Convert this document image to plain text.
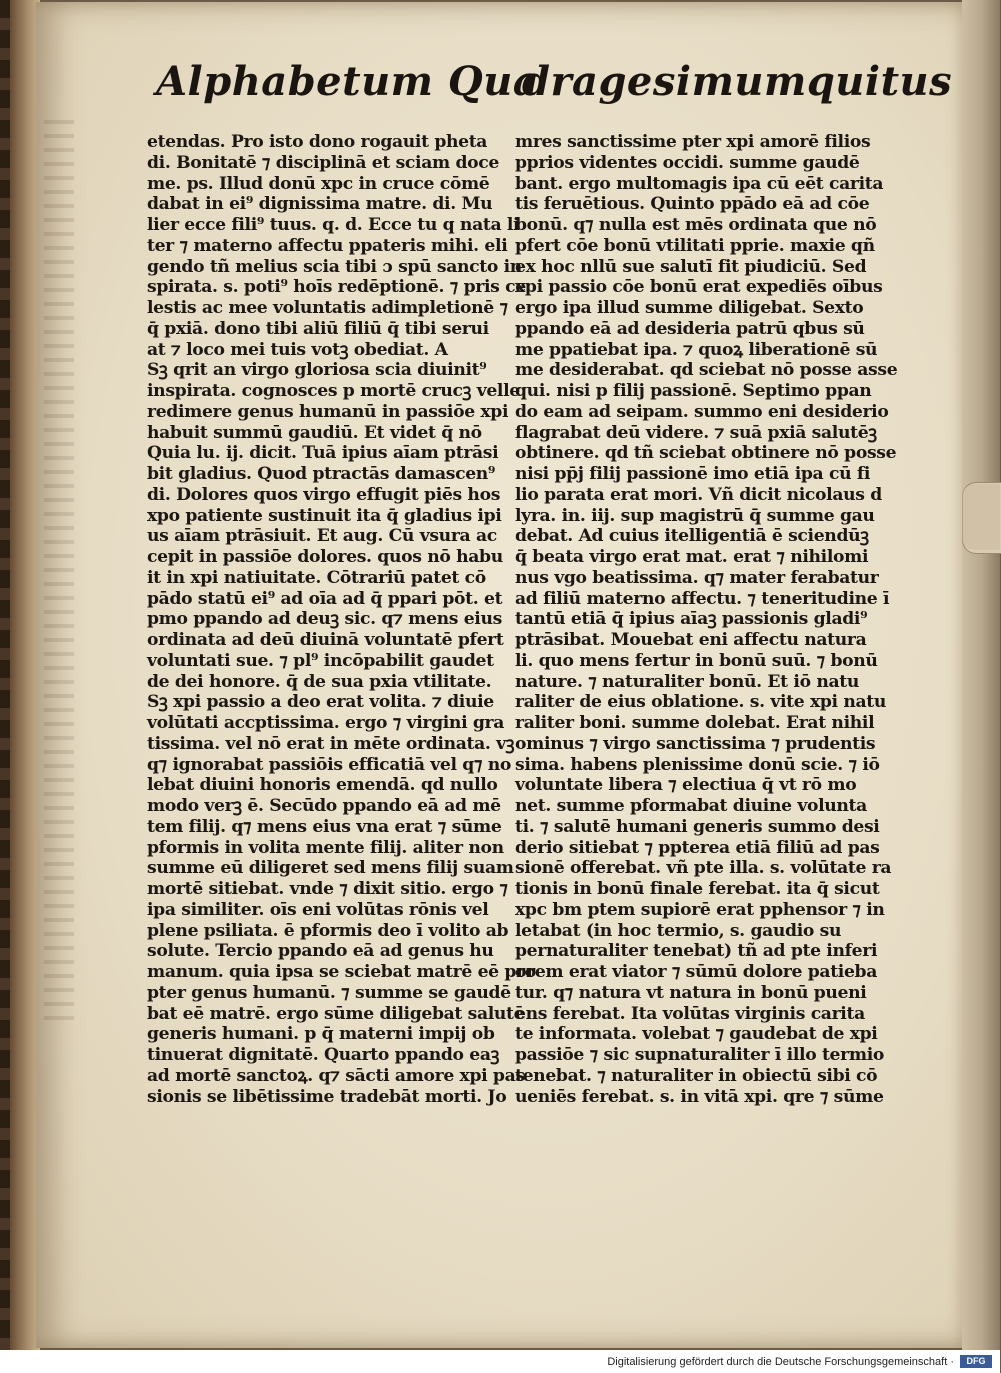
Alphabetum Qua
dragesimumquitus
etendas. Pro isto dono rogauit pheta
di. Bonitatē ⁊ disciplinā et sciam doce
me. ps. Illud donū xpc in cruce cōmē
dabat in ei⁹ dignissima matre. di. Mu
lier ecce fili⁹ tuus. q. d. Ecce tu q nata li
ter ⁊ materno affectu ppateris mihi. eli
gendo tñ melius scia tibi ɔ spū sancto in
spirata. s. poti⁹ hoīs redēptionē. ⁊ pris ce
lestis ac mee voluntatis adimpletionē ⁊
q̄ pxiā. dono tibi aliū filiū q̄ tibi serui
at ⁊ loco mei tuis votꝫ obediat. A
Sꝫ qrit an virgo gloriosa scia diuinit⁹
inspirata. cognosces p mortē crucꝫ velle
redimere genus humanū in passiōe xpi
habuit summū gaudiū. Et videt q̄ nō
Quia lu. ij. dicit. Tuā ipius aīam ptrāsi
bit gladius. Quod ptractās damascen⁹
di. Dolores quos virgo effugit piēs hos
xpo patiente sustinuit ita q̄ gladius ipi
us aīam ptrāsiuit. Et aug. Cū vsura ac
cepit in passiōe dolores. quos nō habu
it in xpi natiuitate. Cōtrariū patet cō
pādo statū ei⁹ ad oīa ad q̄ ppari pōt. et
pmo ppando ad deuꝫ sic. q⁊ mens eius
ordinata ad deū diuinā voluntatē pfert
voluntati sue. ⁊ pl⁹ incōpabilit gaudet
de dei honore. q̄ de sua pxia vtilitate.
Sꝫ xpi passio a deo erat volita. ⁊ diuie
volūtati accptissima. ergo ⁊ virgini gra
tissima. vel nō erat in mēte ordinata. vꝫ
q⁊ ignorabat passiōis efficatiā vel q⁊ no
lebat diuini honoris emendā. qd nullo
modo verꝫ ē. Secūdo ppando eā ad mē
tem filij. q⁊ mens eius vna erat ⁊ sūme
pformis in volita mente filij. aliter non
summe eū diligeret sed mens filij suam
mortē sitiebat. vnde ⁊ dixit sitio. ergo ⁊
ipa similiter. oīs eni volūtas rōnis vel
plene psiliata. ē pformis deo ī volito ab
solute. Tercio ppando eā ad genus hu
manum. quia ipsa se sciebat matrē eē pro
pter genus humanū. ⁊ summe se gaudē
bat eē matrē. ergo sūme diligebat salutē
generis humani. p q̄ materni impij ob
tinuerat dignitatē. Quarto ppando eaꝫ
ad mortē sanctoꝝ. q⁊ sācti amore xpi pas
sionis se libētissime tradebāt morti. Jo
mres sanctissime pter xpi amorē filios
pprios videntes occidi. summe gaudē
bant. ergo multomagis ipa cū eēt carita
tis feruētious. Quinto ppādo eā ad cōe
bonū. q⁊ nulla est mēs ordinata que nō
pfert cōe bonū vtilitati pprie. maxie qñ
ex hoc nllū sue salutī fit piudiciū. Sed
xpi passio cōe bonū erat expediēs oībus
ergo ipa illud summe diligebat. Sexto
ppando eā ad desideria patrū qbus sū
me ppatiebat ipa. ⁊ quoꝝ liberationē sū
me desiderabat. qd sciebat nō posse asse
qui. nisi p filij passionē. Septimo ppan
do eam ad seipam. summo eni desiderio
flagrabat deū videre. ⁊ suā pxiā salutēꝫ
obtinere. qd tñ sciebat obtinere nō posse
nisi pp̄j filij passionē imo etiā ipa cū fi
lio parata erat mori. Vñ dicit nicolaus d
lyra. in. iij. sup magistrū q̄ summe gau
debat. Ad cuius itelligentiā ē sciendūꝫ
q̄ beata virgo erat mat. erat ⁊ nihilomi
nus vgo beatissima. q⁊ mater ferabatur
ad filiū materno affectu. ⁊ teneritudine ī
tantū etiā q̄ ipius aīaꝫ passionis gladi⁹
ptrāsibat. Mouebat eni affectu natura
li. quo mens fertur in bonū suū. ⁊ bonū
nature. ⁊ naturaliter bonū. Et iō natu
raliter de eius oblatione. s. vite xpi natu
raliter boni. summe dolebat. Erat nihil
ominus ⁊ virgo sanctissima ⁊ prudentis
sima. habens plenissime donū scie. ⁊ iō
voluntate libera ⁊ electiua q̄ vt rō mo
net. summe pformabat diuine volunta
ti. ⁊ salutē humani generis summo desi
derio sitiebat ⁊ ppterea etiā filiū ad pas
sionē offerebat. vñ pte illa. s. volūtate ra
tionis in bonū finale ferebat. ita q̄ sicut
xpc bm ptem supiorē erat pphensor ⁊ in
letabat (in hoc termio, s. gaudio su
pernaturaliter tenebat) tñ ad pte inferi
orem erat viator ⁊ sūmū dolore patieba
tur. q⁊ natura vt natura in bonū pueni
ens ferebat. Ita volūtas virginis carita
te informata. volebat ⁊ gaudebat de xpi
passiōe ⁊ sic supnaturaliter ī illo termio
tenebat. ⁊ naturaliter in obiectū sibi cō
ueniēs ferebat. s. in vitā xpi. qre ⁊ sūme
Digitalisierung gefördert durch die Deutsche Forschungsgemeinschaft ·	DFG
